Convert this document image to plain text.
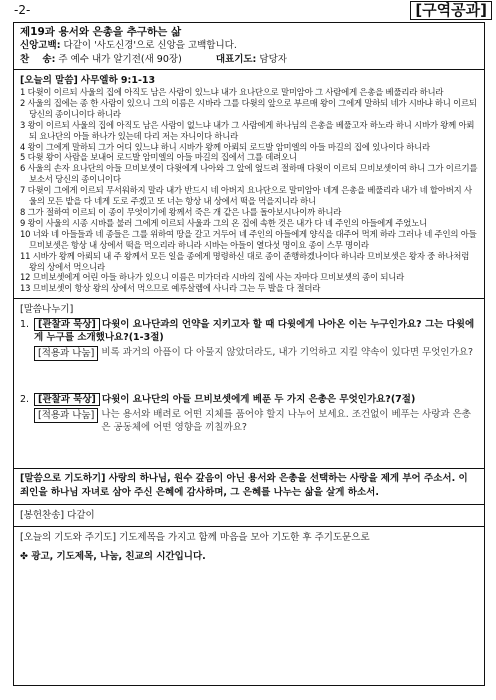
-2-	[구역공과]
제19과 용서와 은총을 추구하는 삶
신앙고백: 다같이 '사도신경'으로 신앙을 고백합니다.
찬    송: 주 예수 내가 알기전(새 90장)	대표기도: 담당자
[오늘의 말씀] 사무엘하 9:1-13

1 다윗이 이르되 사울의 집에 아직도 남은 사람이 있느냐 내가 요나단으로 말미암아 그 사람에게 은총을 베풀리라 하니라

2 사울의 집에는 종 한 사람이 있으니 그의 이름은 시바라 그를 다윗의 앞으로 부르매 왕이 그에게 말하되 네가 시바냐 하니 이르되 당신의 종이니이다 하니라

3 왕이 이르되 사울의 집에 아직도 남은 사람이 없느냐 내가 그 사람에게 하나님의 은총을 베풀고자 하노라 하니 시바가 왕께 아뢰되 요나단의 아들 하나가 있는데 다리 저는 자니이다 하니라

4 왕이 그에게 말하되 그가 어디 있느냐 하니 시바가 왕께 아뢰되 로드발 암미엘의 아들 마길의 집에 있나이다 하니라

5 다윗 왕이 사람을 보내어 로드발 암미엘의 아들 마길의 집에서 그를 데려오니

6 사울의 손자 요나단의 아들 므비보셋이 다윗에게 나아와 그 앞에 엎드려 절하매 다윗이 이르되 므비보셋이여 하니 그가 이르기를 보소서 당신의 종이니이다

7 다윗이 그에게 이르되 무서워하지 말라 내가 반드시 네 아버지 요나단으로 말미암아 네게 은총을 베풀리라 내가 네 할아버지 사울의 모든 밭을 다 네게 도로 주겠고 또 너는 항상 내 상에서 떡을 먹을지니라 하니

8 그가 절하여 이르되 이 종이 무엇이기에 왕께서 죽은 개 같은 나를 돌아보시나이까 하니라

9 왕이 사울의 시종 시바를 불러 그에게 이르되 사울과 그의 온 집에 속한 것은 내가 다 네 주인의 아들에게 주었노니

10 너와 네 아들들과 네 종들은 그를 위하여 땅을 갈고 거두어 네 주인의 아들에게 양식을 대주어 먹게 하라 그러나 네 주인의 아들 므비보셋은 항상 내 상에서 떡을 먹으리라 하니라 시바는 아들이 열다섯 명이요 종이 스무 명이라

11 시바가 왕께 아뢰되 내 주 왕께서 모든 일을 종에게 명령하신 대로 종이 준행하겠나이다 하니라 므비보셋은 왕자 중 하나처럼 왕의 상에서 먹으니라

12 므비보셋에게 어린 아들 하나가 있으니 이름은 미가더라 시바의 집에 사는 자마다 므비보셋의 종이 되니라

13 므비보셋이 항상 왕의 상에서 먹으므로 예루살렘에 사니라 그는 두 발을 다 절더라

[말씀나누기]
1. [관찰과 묵상] 다윗이 요나단과의 언약을 지키고자 할 때 다윗에게 나아온 이는 누구인가요? 그는 다윗에게 누구를 소개했나요?(1-3절)
[적용과 나눔] 비록 과거의 아픔이 다 아물지 않았더라도, 내가 기억하고 지킬 약속이 있다면 무엇인가요?
2. [관찰과 묵상] 다윗이 요나단의 아들 므비보셋에게 베푼 두 가지 은총은 무엇인가요?(7절)
[적용과 나눔] 나는 용서와 배려로 어떤 지체를 품어야 할지 나누어 보세요. 조건없이 베푸는 사랑과 은총은 공동체에 어떤 영향을 끼칠까요?
[말씀으로 기도하기] 사랑의 하나님, 원수 갚음이 아닌 용서와 은총을 선택하는 사랑을 제게 부어 주소서. 이 죄인을 하나님 자녀로 삼아 주신 은혜에 감사하며, 그 은혜를 나누는 삶을 살게 하소서.
[봉헌찬송] 다같이
[오늘의 기도와 주기도] 기도제목을 가지고 함께 마음을 모아 기도한 후 주기도문으로
✤ 광고, 기도제목, 나눔, 친교의 시간입니다.
